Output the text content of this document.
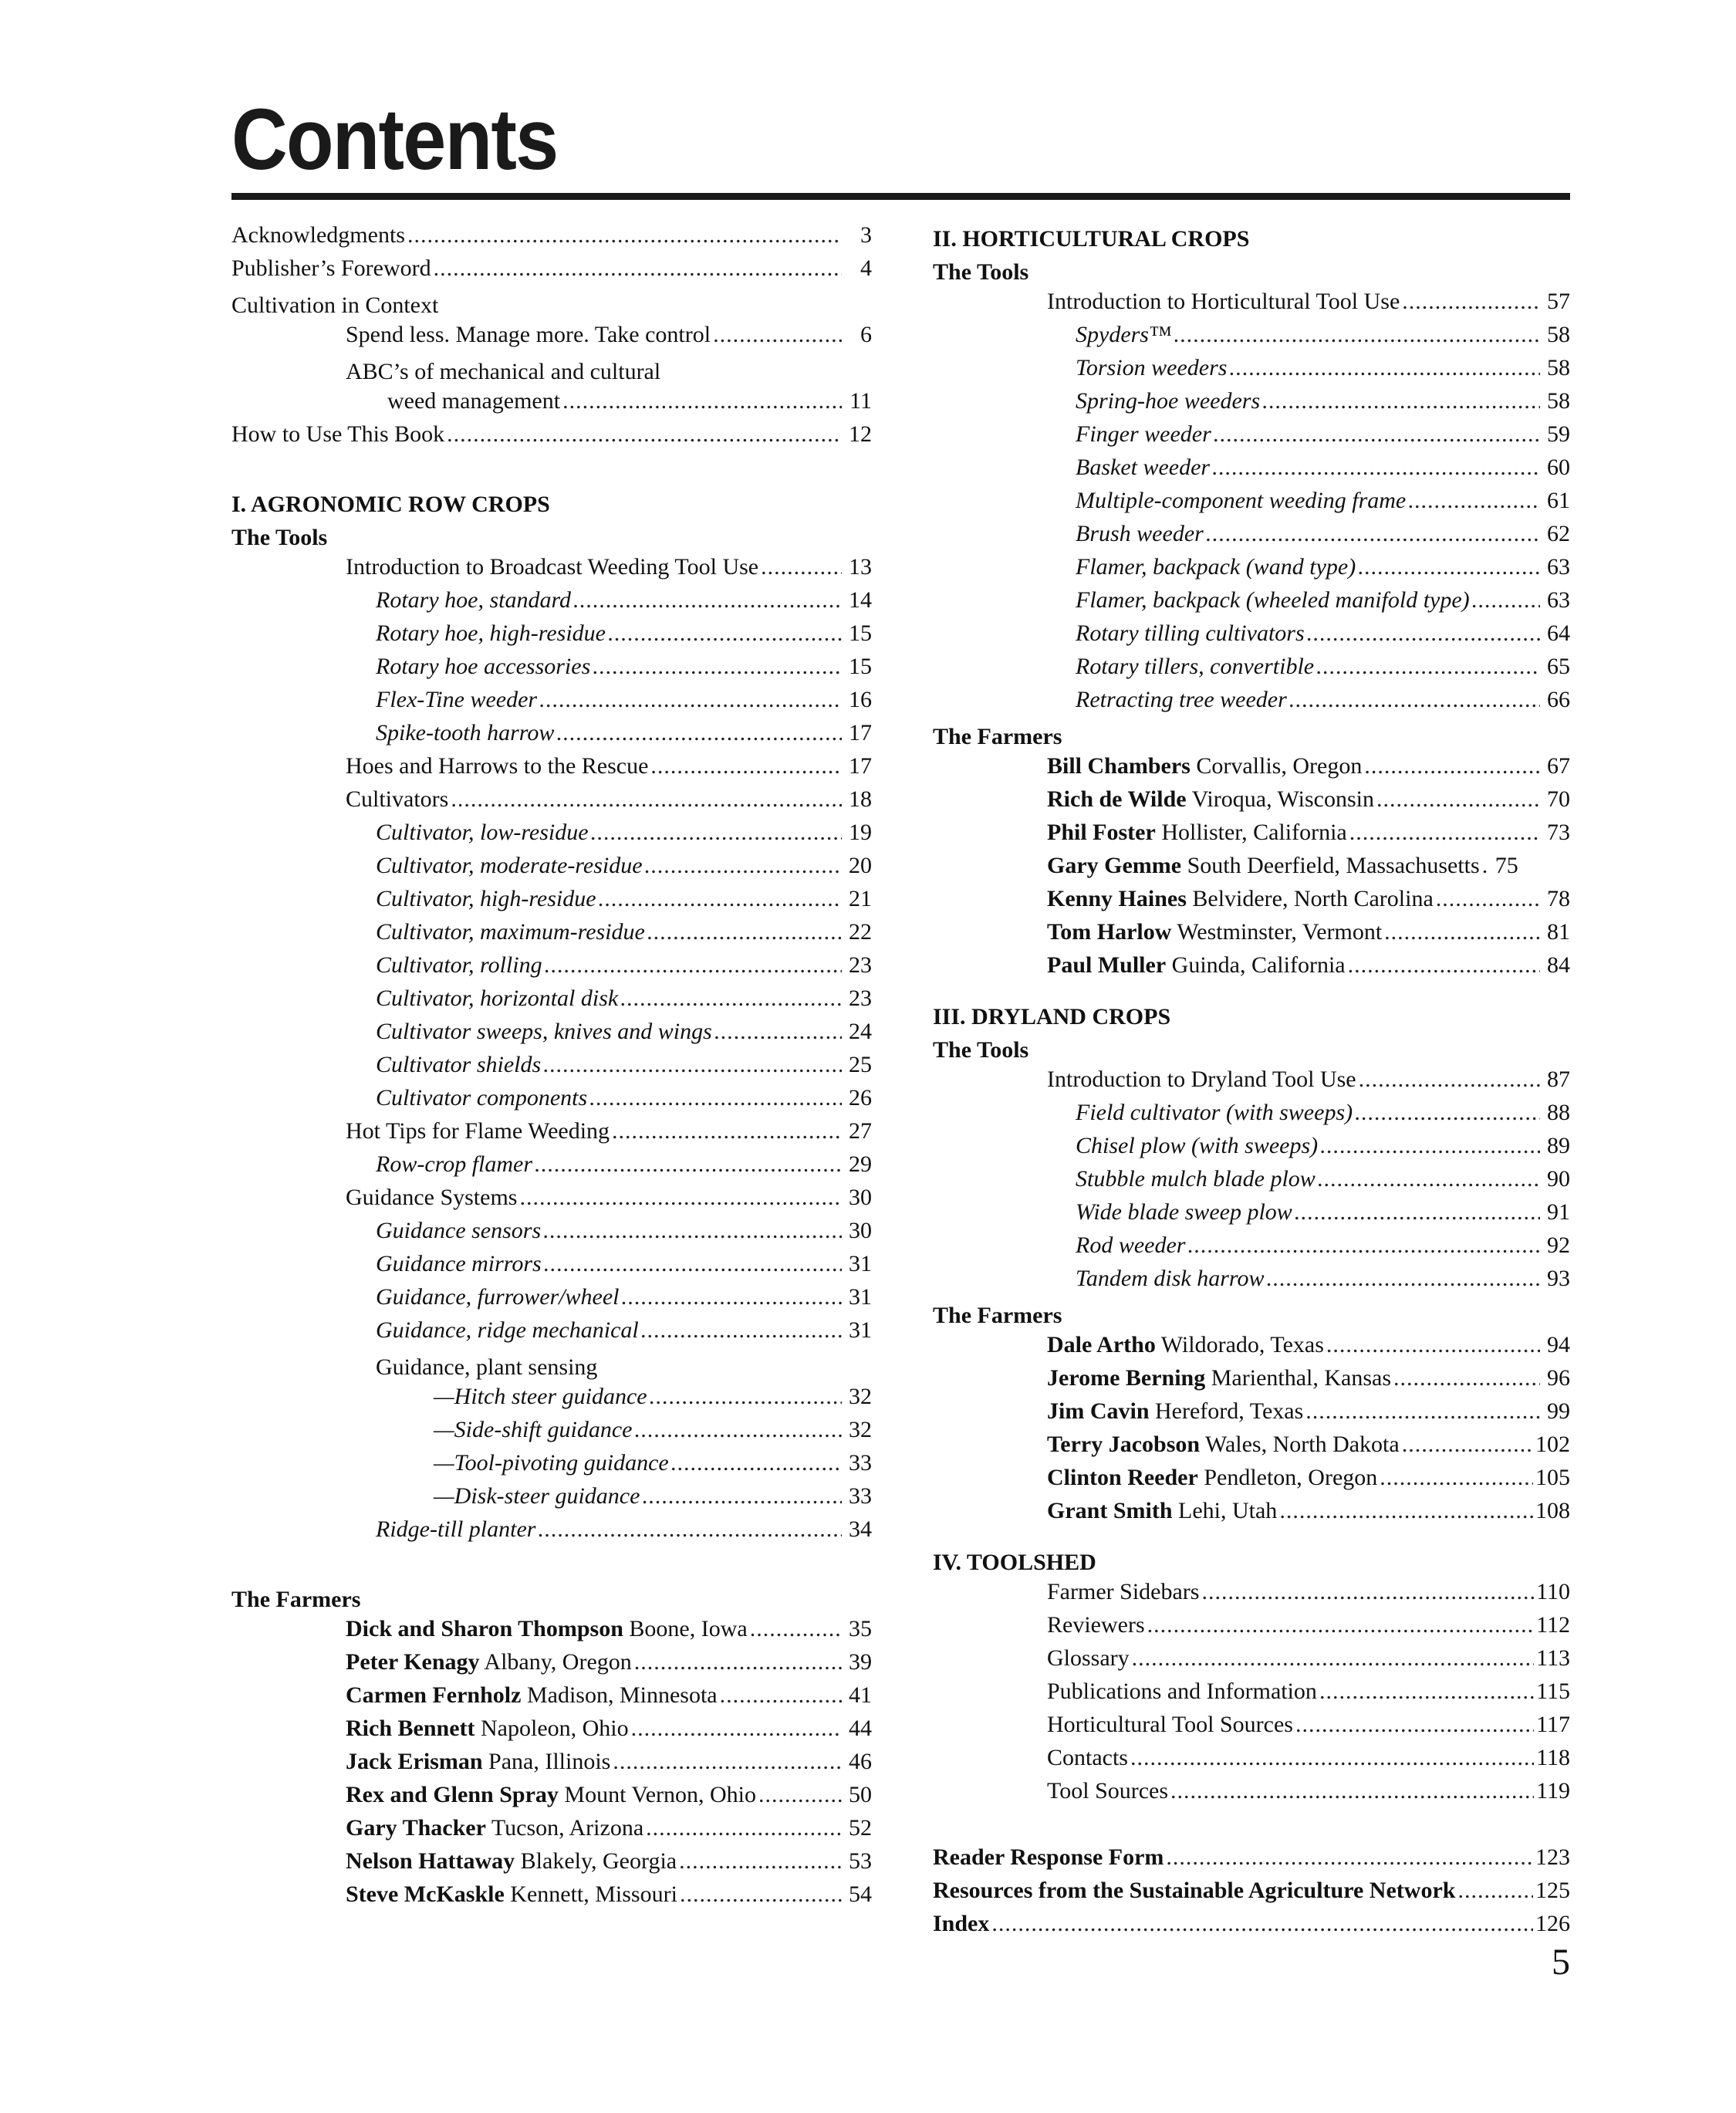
Contents
Acknowledgments .....	3
Publisher’s Foreword .....	4
Cultivation in Context
Spend less. Manage more. Take control .....	6
ABC’s of mechanical and cultural
weed management .....	11
How to Use This Book .....	12
I. AGRONOMIC ROW CROPS
The Tools
Introduction to Broadcast Weeding Tool Use .....	13
Rotary hoe, standard .....	14
Rotary hoe, high-residue .....	15
Rotary hoe accessories .....	15
Flex-Tine weeder .....	16
Spike-tooth harrow .....	17
Hoes and Harrows to the Rescue .....	17
Cultivators .....	18
Cultivator, low-residue .....	19
Cultivator, moderate-residue .....	20
Cultivator, high-residue .....	21
Cultivator, maximum-residue .....	22
Cultivator, rolling .....	23
Cultivator, horizontal disk .....	23
Cultivator sweeps, knives and wings .....	24
Cultivator shields .....	25
Cultivator components .....	26
Hot Tips for Flame Weeding .....	27
Row-crop flamer .....	29
Guidance Systems .....	30
Guidance sensors .....	30
Guidance mirrors .....	31
Guidance, furrower/wheel .....	31
Guidance, ridge mechanical .....	31
Guidance, plant sensing
—Hitch steer guidance .....	32
—Side-shift guidance .....	32
—Tool-pivoting guidance .....	33
—Disk-steer guidance .....	33
Ridge-till planter .....	34
The Farmers
Dick and Sharon Thompson Boone, Iowa .....	35
Peter Kenagy Albany, Oregon .....	39
Carmen Fernholz Madison, Minnesota .....	41
Rich Bennett Napoleon, Ohio .....	44
Jack Erisman Pana, Illinois .....	46
Rex and Glenn Spray Mount Vernon, Ohio .....	50
Gary Thacker Tucson, Arizona .....	52
Nelson Hattaway Blakely, Georgia .....	53
Steve McKaskle Kennett, Missouri .....	54
II. HORTICULTURAL CROPS
The Tools
Introduction to Horticultural Tool Use .....	57
Spyders™ .....	58
Torsion weeders .....	58
Spring-hoe weeders .....	58
Finger weeder .....	59
Basket weeder .....	60
Multiple-component weeding frame .....	61
Brush weeder .....	62
Flamer, backpack (wand type) .....	63
Flamer, backpack (wheeled manifold type) .....	63
Rotary tilling cultivators .....	64
Rotary tillers, convertible .....	65
Retracting tree weeder .....	66
The Farmers
Bill Chambers Corvallis, Oregon .....	67
Rich de Wilde Viroqua, Wisconsin .....	70
Phil Foster Hollister, California .....	73
Gary Gemme South Deerfield, Massachusetts ..... 75
Kenny Haines Belvidere, North Carolina .....	78
Tom Harlow Westminster, Vermont .....	81
Paul Muller Guinda, California .....	84
III. DRYLAND CROPS
The Tools
Introduction to Dryland Tool Use .....	87
Field cultivator (with sweeps) .....	88
Chisel plow (with sweeps) .....	89
Stubble mulch blade plow .....	90
Wide blade sweep plow .....	91
Rod weeder .....	92
Tandem disk harrow .....	93
The Farmers
Dale Artho Wildorado, Texas .....	94
Jerome Berning Marienthal, Kansas .....	96
Jim Cavin Hereford, Texas .....	99
Terry Jacobson Wales, North Dakota .....	102
Clinton Reeder Pendleton, Oregon .....	105
Grant Smith Lehi, Utah .....	108
IV. TOOLSHED
Farmer Sidebars .....	110
Reviewers .....	112
Glossary .....	113
Publications and Information .....	115
Horticultural Tool Sources .....	117
Contacts .....	118
Tool Sources .....	119
Reader Response Form .....	123
Resources from the Sustainable Agriculture Network .....	125
Index .....	126

5
